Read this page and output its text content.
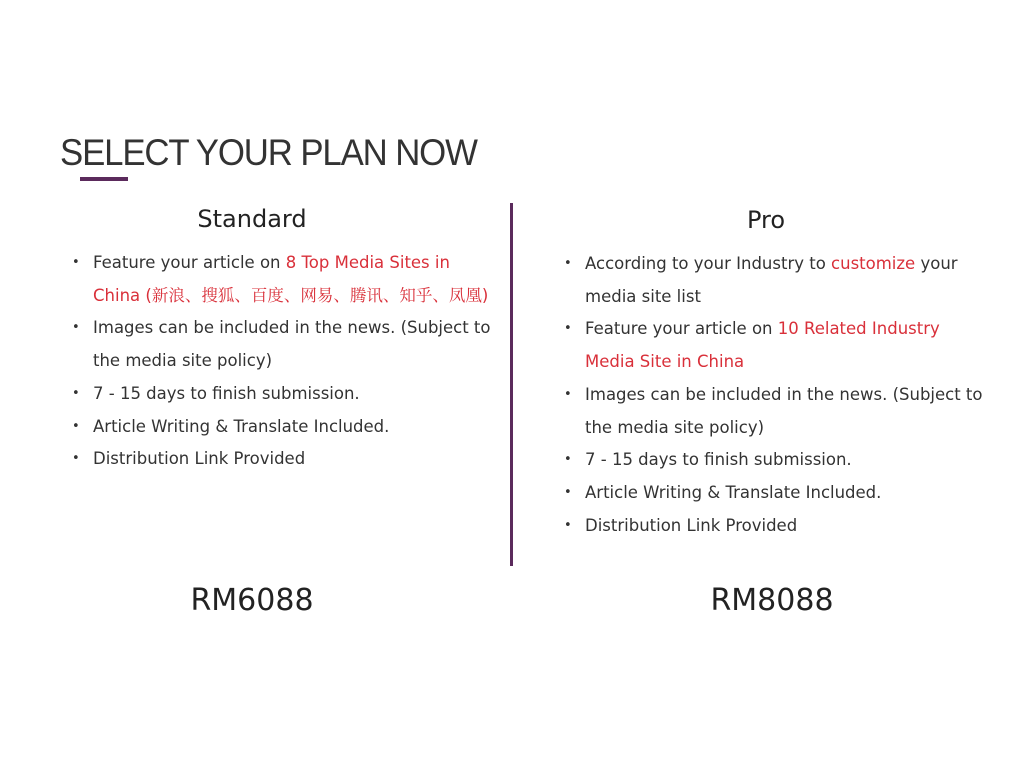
SELECT YOUR PLAN NOW
Standard
• Feature your article on 8 Top Media Sites in China (新浪、搜狐、百度、网易、腾讯、知乎、凤凰)
• Images can be included in the news. (Subject to the media site policy)
• 7 - 15 days to finish submission.
• Article Writing & Translate Included.
• Distribution Link Provided
RM6088
Pro
• According to your Industry to customize your media site list
• Feature your article on 10 Related Industry Media Site in China
• Images can be included in the news. (Subject to the media site policy)
• 7 - 15 days to finish submission.
• Article Writing & Translate Included.
• Distribution Link Provided
RM8088
